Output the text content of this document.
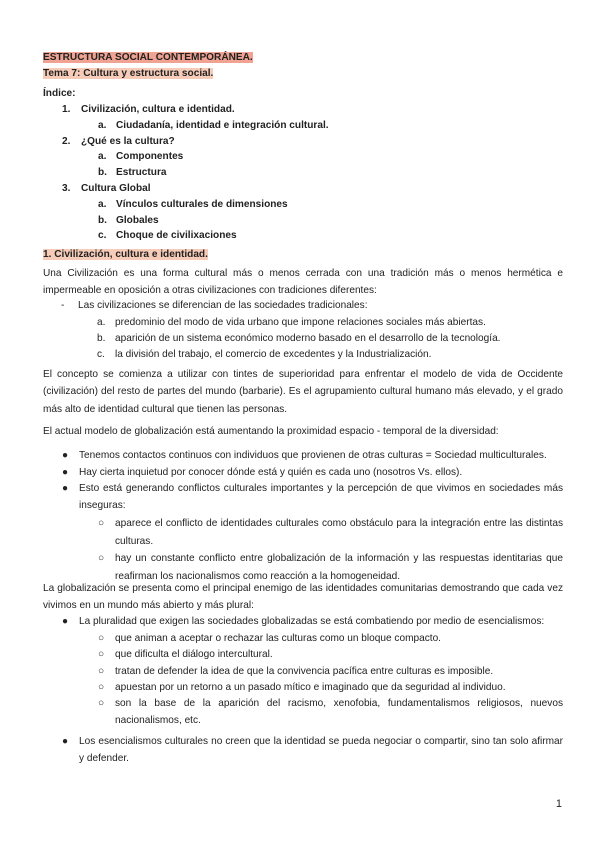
ESTRUCTURA SOCIAL CONTEMPORÁNEA.
Tema 7: Cultura y estructura social.
Índice:
1. Civilización, cultura e identidad.
a. Ciudadanía, identidad e integración cultural.
2. ¿Qué es la cultura?
a. Componentes
b. Estructura
3. Cultura Global
a. Vínculos culturales de dimensiones
b. Globales
c. Choque de civilixaciones
1. Civilización, cultura e identidad.
Una Civilización es una forma cultural más o menos cerrada con una tradición más o menos hermética e impermeable en oposición a otras civilizaciones con tradiciones diferentes:
- Las civilizaciones se diferencian de las sociedades tradicionales:
a. predominio del modo de vida urbano que impone relaciones sociales más abiertas.
b. aparición de un sistema económico moderno basado en el desarrollo de la tecnología.
c. la división del trabajo, el comercio de excedentes y la Industrialización.
El concepto se comienza a utilizar con tintes de superioridad para enfrentar el modelo de vida de Occidente (civilización) del resto de partes del mundo (barbarie). Es el agrupamiento cultural humano más elevado, y el grado más alto de identidad cultural que tienen las personas.
El actual modelo de globalización está aumentando la proximidad espacio - temporal de la diversidad:
● Tenemos contactos continuos con individuos que provienen de otras culturas = Sociedad multiculturales.
● Hay cierta inquietud por conocer dónde está y quién es cada uno (nosotros Vs. ellos).
● Esto está generando conflictos culturales importantes y la percepción de que vivimos en sociedades más inseguras:
○ aparece el conflicto de identidades culturales como obstáculo para la integración entre las distintas culturas.
○ hay un constante conflicto entre globalización de la información y las respuestas identitarias que reafirman los nacionalismos como reacción a la homogeneidad.
La globalización se presenta como el principal enemigo de las identidades comunitarias demostrando que cada vez vivimos en un mundo más abierto y más plural:
● La pluralidad que exigen las sociedades globalizadas se está combatiendo por medio de esencialismos:
○ que animan a aceptar o rechazar las culturas como un bloque compacto.
○ que dificulta el diálogo intercultural.
○ tratan de defender la idea de que la convivencia pacífica entre culturas es imposible.
○ apuestan por un retorno a un pasado mítico e imaginado que da seguridad al individuo.
○ son la base de la aparición del racismo, xenofobia, fundamentalismos religiosos, nuevos nacionalismos, etc.
● Los esencialismos culturales no creen que la identidad se pueda negociar o compartir, sino tan solo afirmar y defender.
1
